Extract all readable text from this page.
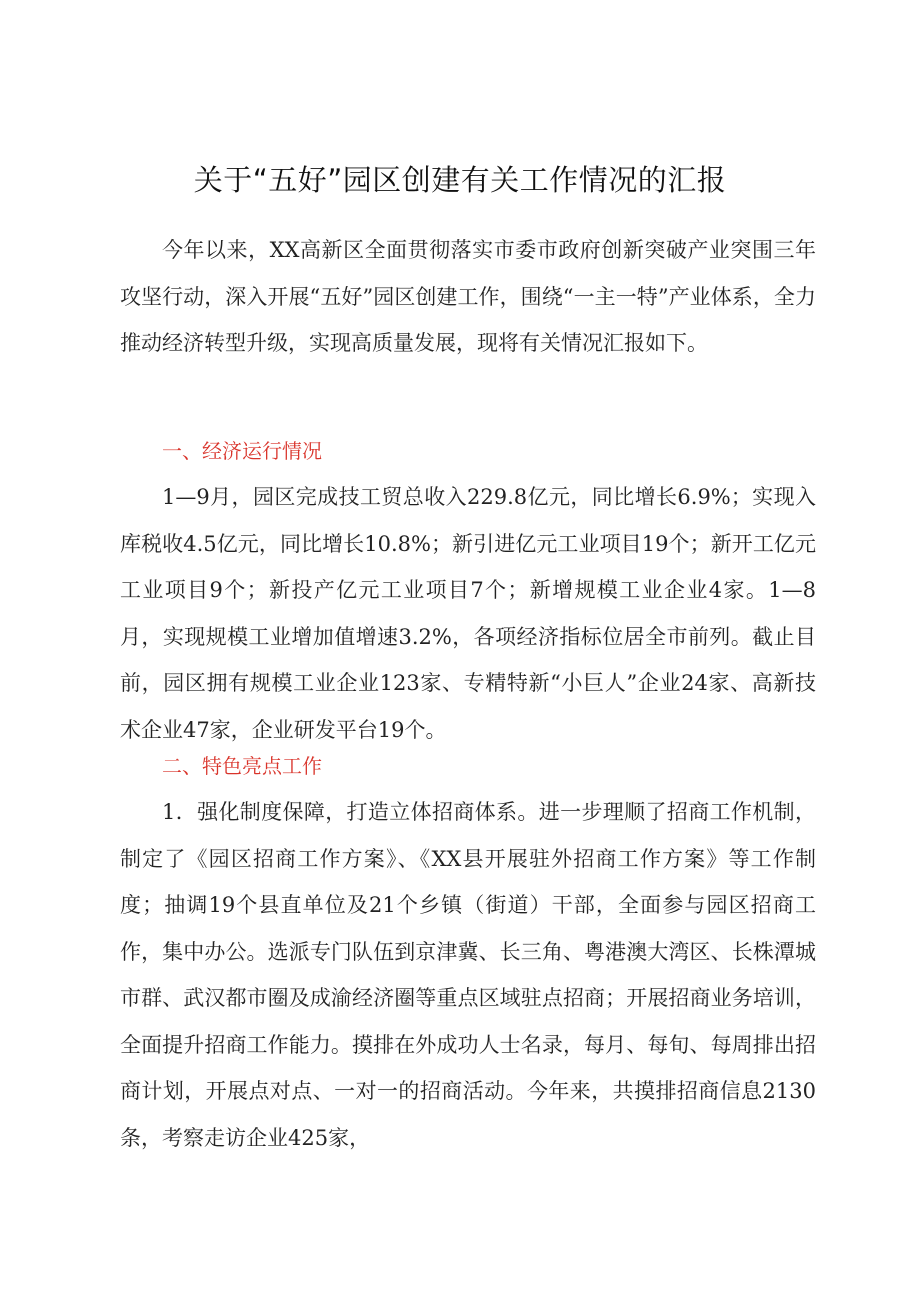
关于“五好”园区创建有关工作情况的汇报

今年以来，XX高新区全面贯彻落实市委市政府创新突破产业突围三年攻坚行动，深入开展“五好”园区创建工作，围绕“一主一特”产业体系，全力推动经济转型升级，实现高质量发展，现将有关情况汇报如下。

一、经济运行情况

1—9月，园区完成技工贸总收入229.8亿元，同比增长6.9%；实现入库税收4.5亿元，同比增长10.8%；新引进亿元工业项目19个；新开工亿元工业项目9个；新投产亿元工业项目7个；新增规模工业企业4家。1—8月，实现规模工业增加值增速3.2%，各项经济指标位居全市前列。截止目前，园区拥有规模工业企业123家、专精特新“小巨人”企业24家、高新技术企业47家，企业研发平台19个。

二、特色亮点工作

1．强化制度保障，打造立体招商体系。进一步理顺了招商工作机制，制定了《园区招商工作方案》、《XX县开展驻外招商工作方案》等工作制度；抽调19个县直单位及21个乡镇（街道）干部，全面参与园区招商工作，集中办公。选派专门队伍到京津冀、长三角、粤港澳大湾区、长株潭城市群、武汉都市圈及成渝经济圈等重点区域驻点招商；开展招商业务培训，全面提升招商工作能力。摸排在外成功人士名录，每月、每旬、每周排出招商计划，开展点对点、一对一的招商活动。今年来，共摸排招商信息2130条，考察走访企业425家，
